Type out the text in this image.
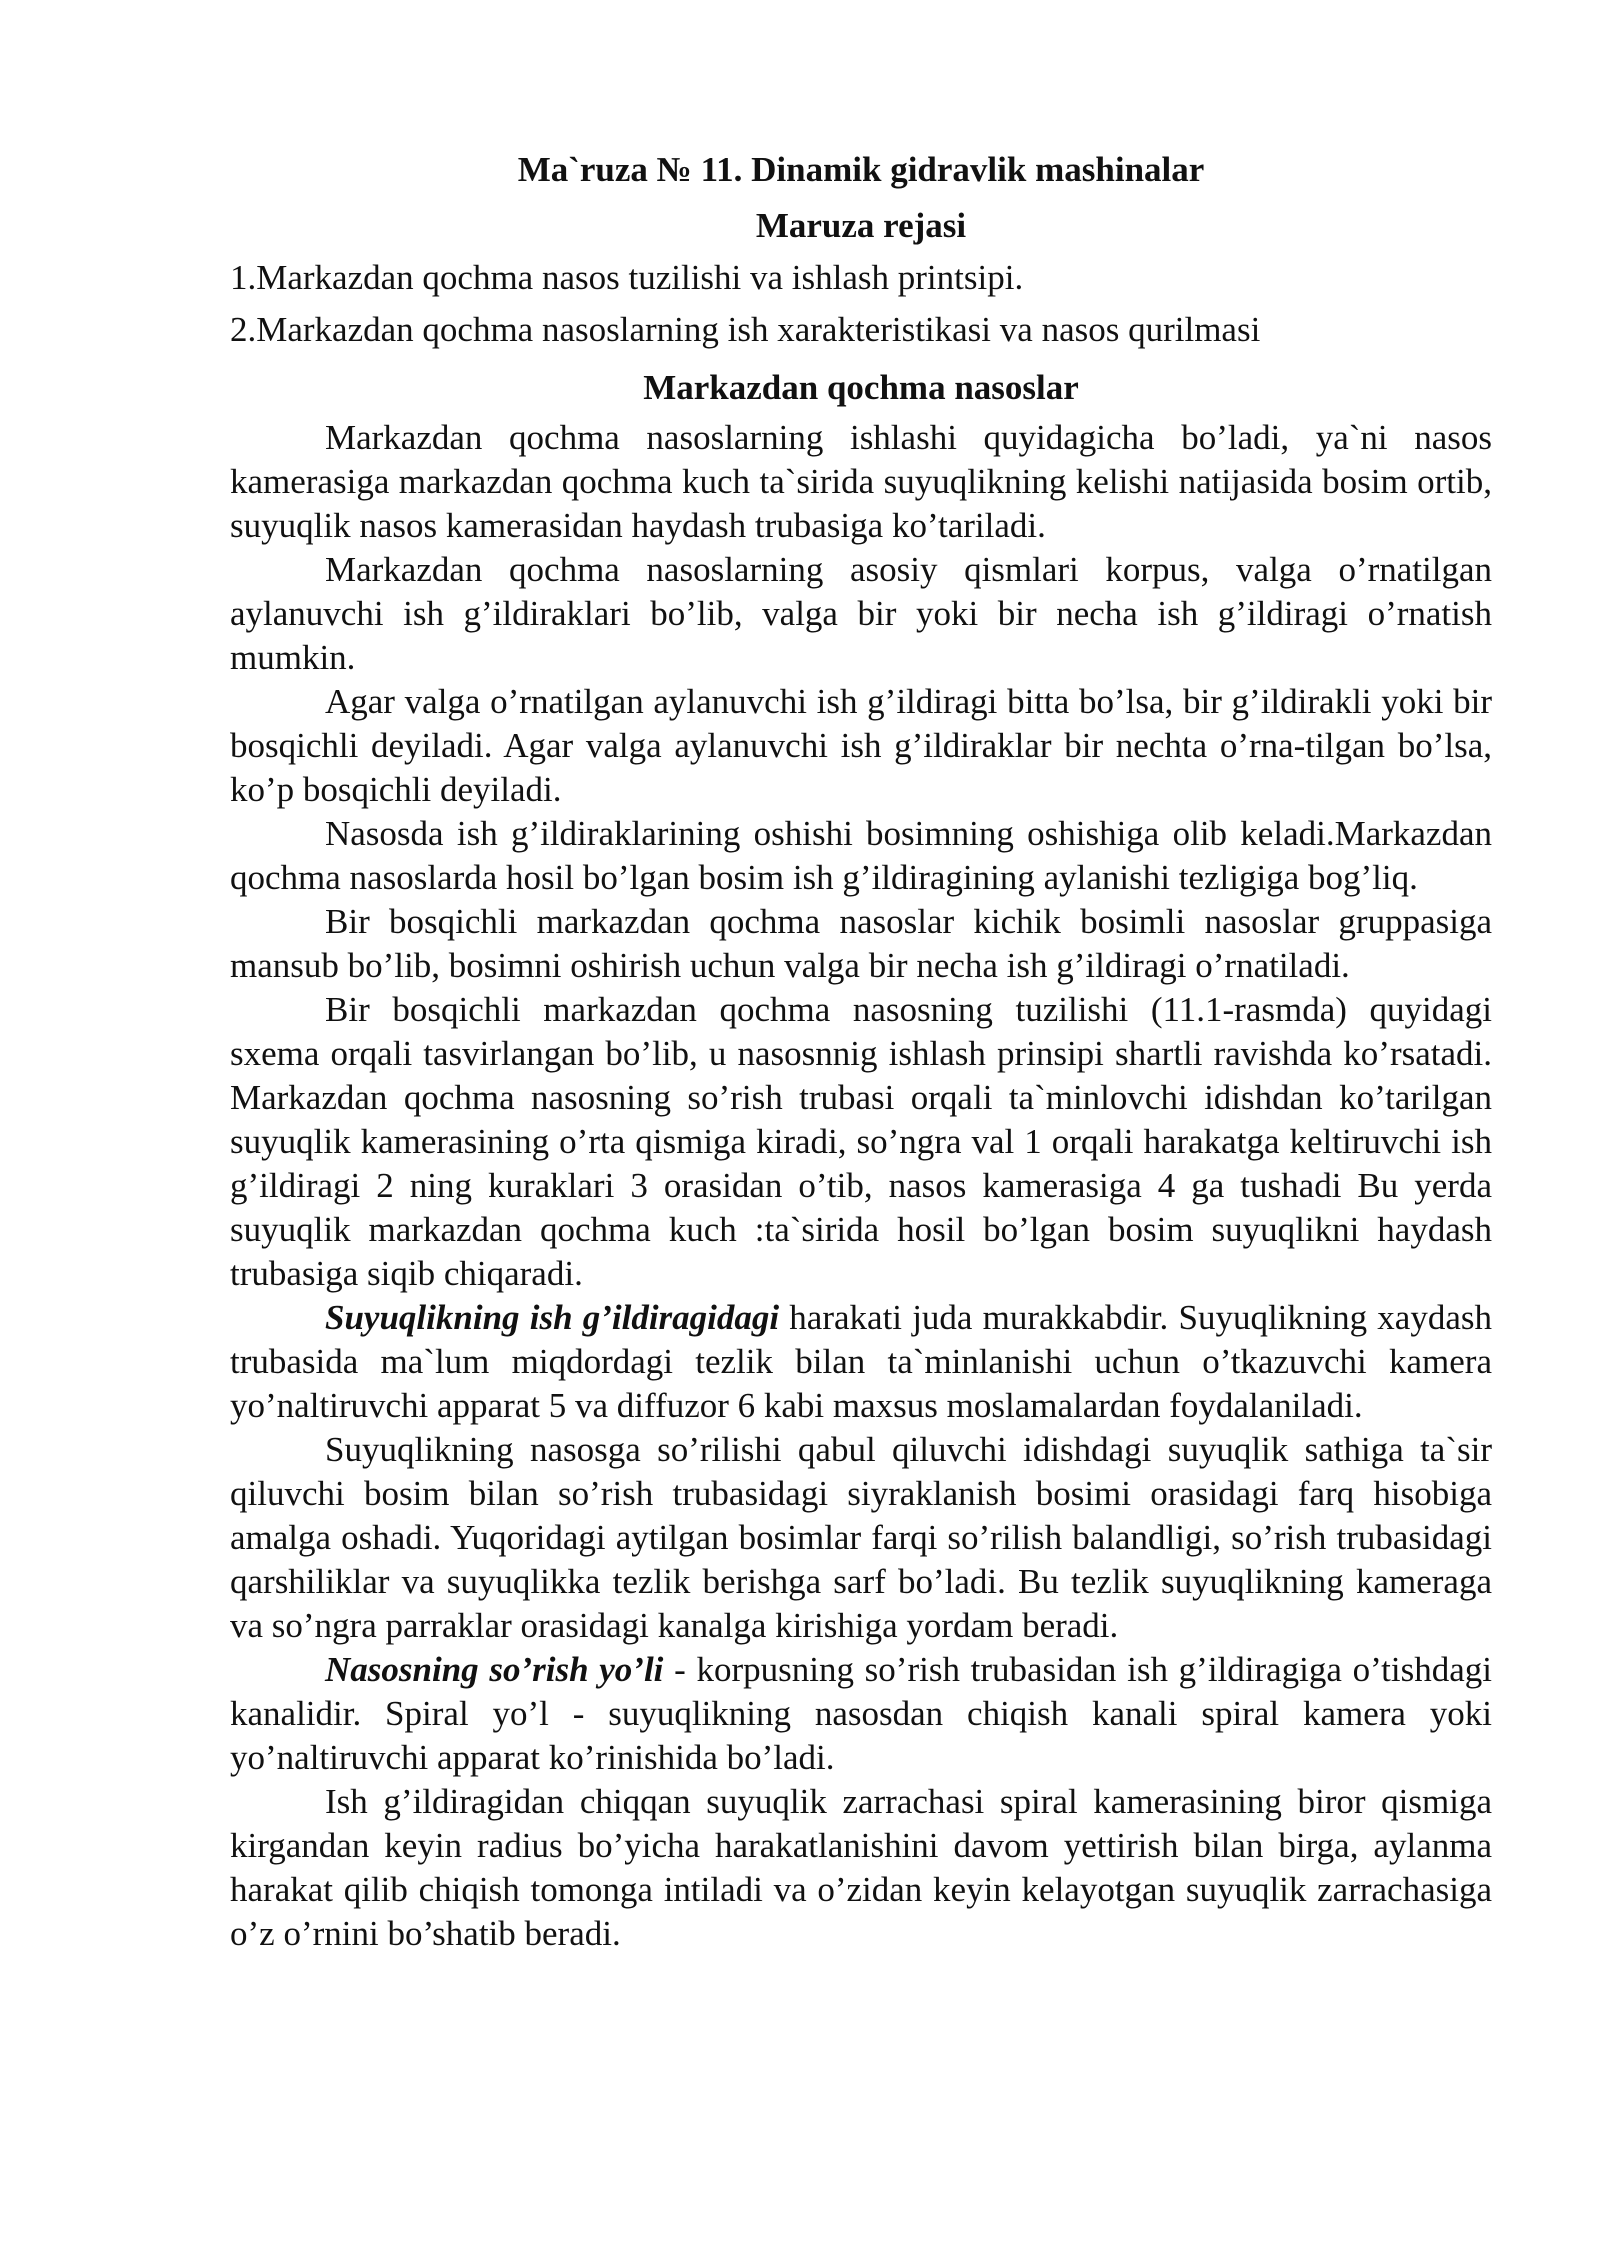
Ma`ruza № 11. Dinamik gidravlik mashinalar

Maruza rejasi

1.Markazdan qochma nasos tuzilishi va ishlash printsipi.

2.Markazdan qochma nasoslarning ish xarakteristikasi va nasos qurilmasi

Markazdan qochma nasoslar

Markazdan qochma nasoslarning ishlashi quyidagicha bo’ladi, ya`ni nasos kamerasiga markazdan qochma kuch ta`sirida suyuqlikning kelishi natijasida bosim ortib, suyuqlik nasos kamerasidan haydash trubasiga ko’tariladi.

Markazdan qochma nasoslarning asosiy qismlari korpus, valga o’rnatilgan aylanuvchi ish g’ildiraklari bo’lib, valga bir yoki bir necha ish g’ildiragi o’rnatish mumkin.

Agar valga o’rnatilgan aylanuvchi ish g’ildiragi bitta bo’lsa, bir g’ildirakli yoki bir bosqichli deyiladi. Agar valga aylanuvchi ish g’ildiraklar bir nechta o’rna-tilgan bo’lsa, ko’p bosqichli deyiladi.

Nasosda ish g’ildiraklarining oshishi bosimning oshishiga olib keladi.Markazdan qochma nasoslarda hosil bo’lgan bosim ish g’ildiragining aylanishi tezligiga bog’liq.

Bir bosqichli markazdan qochma nasoslar kichik bosimli nasoslar gruppasiga mansub bo’lib, bosimni oshirish uchun valga bir necha ish g’ildiragi o’rnatiladi.

Bir bosqichli markazdan qochma nasosning tuzilishi (11.1-rasmda) quyidagi sxema orqali tasvirlangan bo’lib, u nasosnnig ishlash prinsipi shartli ravishda ko’rsatadi. Markazdan qochma nasosning so’rish trubasi orqali ta`minlovchi idishdan ko’tarilgan suyuqlik kamerasining o’rta qismiga kiradi, so’ngra val 1 orqali harakatga keltiruvchi ish g’ildiragi 2 ning kuraklari 3 orasidan o’tib, nasos kamerasiga 4 ga tushadi Bu yerda suyuqlik markazdan qochma kuch :ta`sirida hosil bo’lgan bosim suyuqlikni haydash trubasiga siqib chiqaradi.

Suyuqlikning ish g’ildiragidagi harakati juda murakkabdir. Suyuqlikning xaydash trubasida ma`lum miqdordagi tezlik bilan ta`minlanishi uchun o’tkazuvchi kamera yo’naltiruvchi apparat 5 va diffuzor 6 kabi maxsus moslamalardan foydalaniladi.

Suyuqlikning nasosga so’rilishi qabul qiluvchi idishdagi suyuqlik sathiga ta`sir qiluvchi bosim bilan so’rish trubasidagi siyraklanish bosimi orasidagi farq hisobiga amalga oshadi. Yuqoridagi aytilgan bosimlar farqi so’rilish balandligi, so’rish trubasidagi qarshiliklar va suyuqlikka tezlik berishga sarf bo’ladi. Bu tezlik suyuqlikning kameraga va so’ngra parraklar orasidagi kanalga kirishiga yordam beradi.

Nasosning so’rish yo’li - korpusning so’rish trubasidan ish g’ildiragiga o’tishdagi kanalidir. Spiral yo’l - suyuqlikning nasosdan chiqish kanali spiral kamera yoki yo’naltiruvchi apparat ko’rinishida bo’ladi.

Ish g’ildiragidan chiqqan suyuqlik zarrachasi spiral kamerasining biror qismiga kirgandan keyin radius bo’yicha harakatlanishini davom yettirish bilan birga, aylanma harakat qilib chiqish tomonga intiladi va o’zidan keyin kelayotgan suyuqlik zarrachasiga o’z o’rnini bo’shatib beradi.
